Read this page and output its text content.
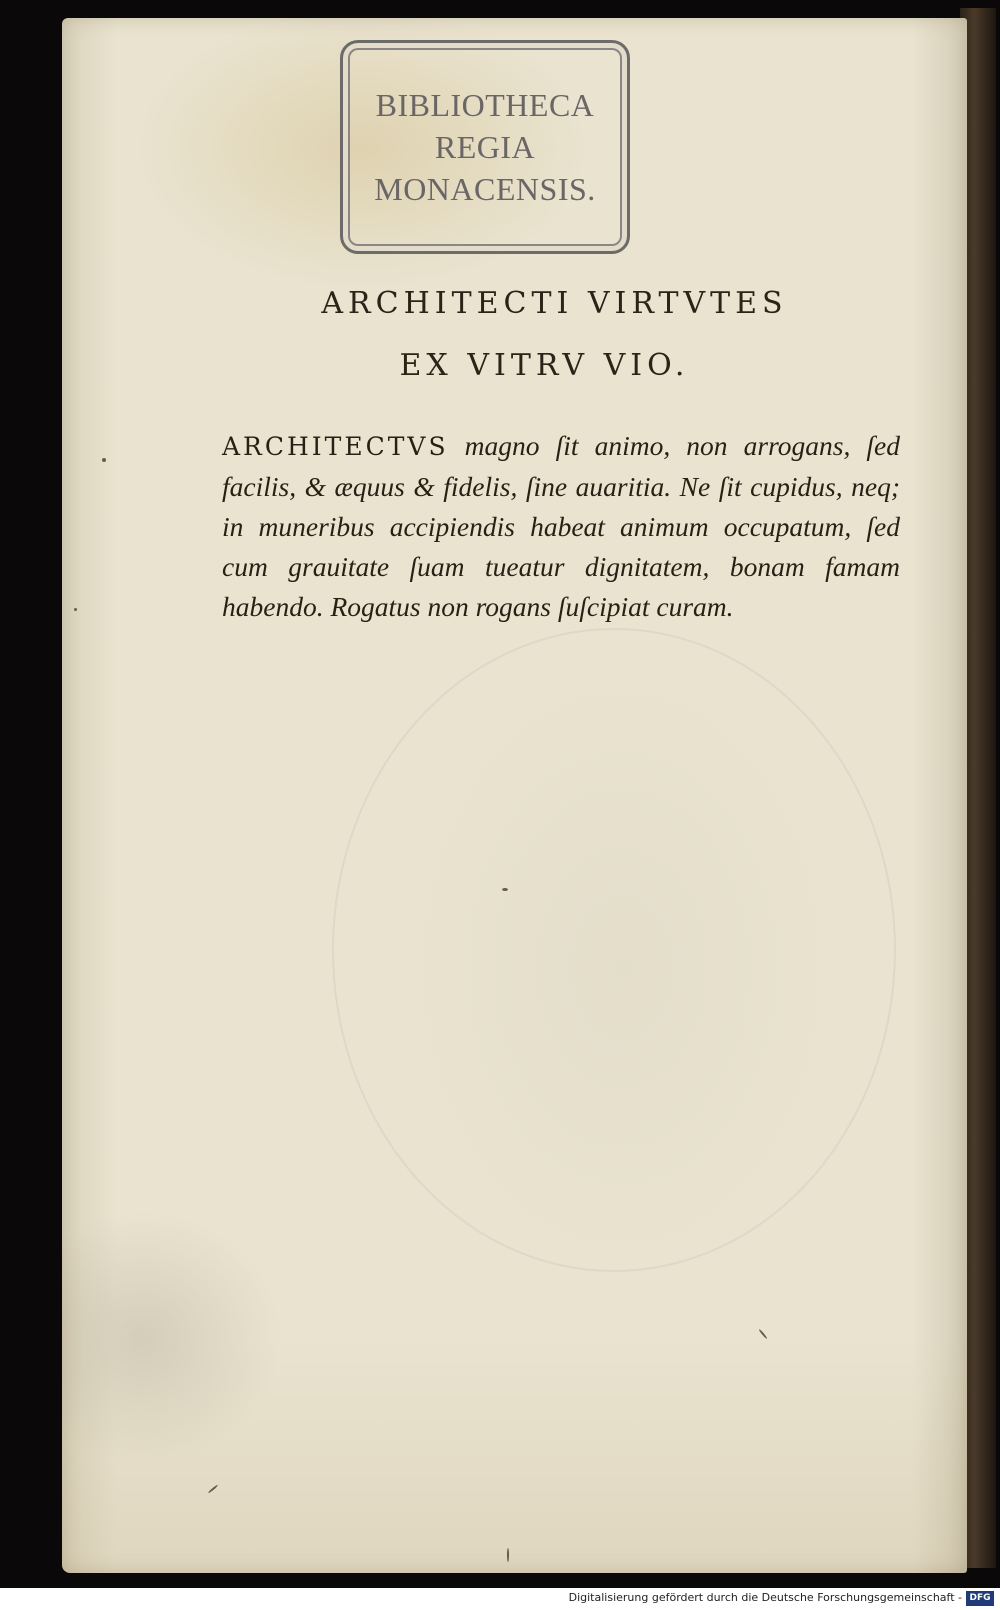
BIBLIOTHECA
REGIA
MONACENSIS.
ARCHITECTI VIRTVTES
EX VITRV VIO.
ARCHITECTVS magno ſit animo, non arrogans, ſed facilis, & æquus & fidelis, ſine auaritia. Ne ſit cupidus, neq; in muneribus accipiendis habeat animum occupatum, ſed cum grauitate ſuam tueatur dignitatem, bonam famam habendo. Rogatus non rogans ſuſcipiat curam.
Digitalisierung gefördert durch die Deutsche Forschungsgemeinschaft - DFG
